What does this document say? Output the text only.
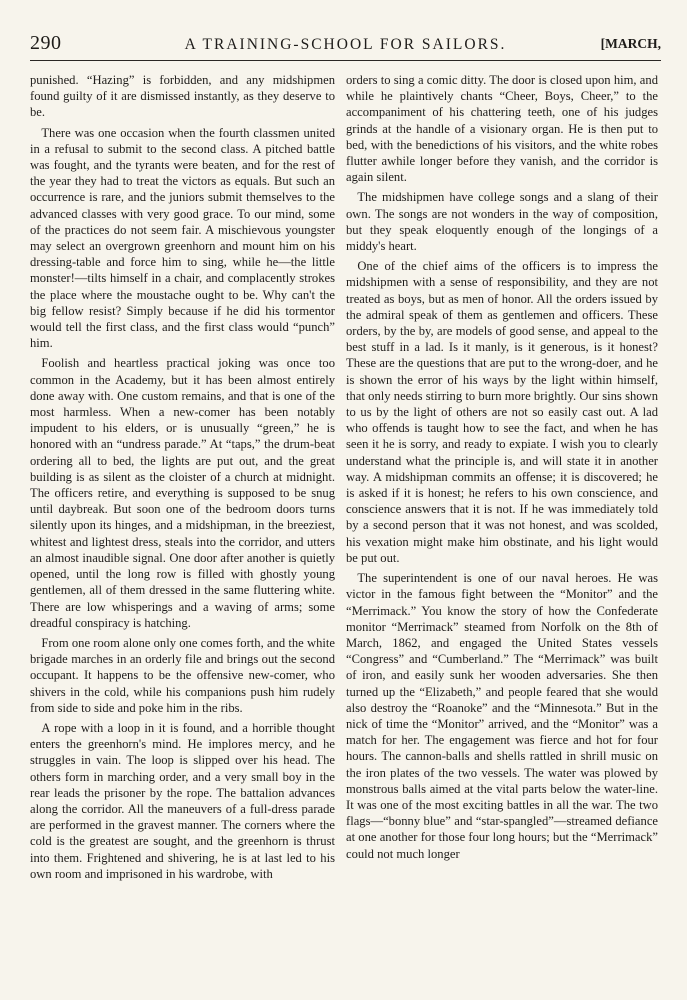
290	A TRAINING-SCHOOL FOR SAILORS.	[MARCH,

punished. “Hazing” is forbidden, and any midshipmen found guilty of it are dismissed instantly, as they deserve to be.

There was one occasion when the fourth classmen united in a refusal to submit to the second class. A pitched battle was fought, and the tyrants were beaten, and for the rest of the year they had to treat the victors as equals. But such an occurrence is rare, and the juniors submit themselves to the advanced classes with very good grace. To our mind, some of the practices do not seem fair. A mischievous youngster may select an overgrown greenhorn and mount him on his dressing-table and force him to sing, while he—the little monster!—tilts himself in a chair, and complacently strokes the place where the moustache ought to be. Why can't the big fellow resist? Simply because if he did his tormentor would tell the first class, and the first class would “punch” him.

Foolish and heartless practical joking was once too common in the Academy, but it has been almost entirely done away with. One custom remains, and that is one of the most harmless. When a new-comer has been notably impudent to his elders, or is unusually “green,” he is honored with an “undress parade.” At “taps,” the drum-beat ordering all to bed, the lights are put out, and the great building is as silent as the cloister of a church at midnight. The officers retire, and everything is supposed to be snug until daybreak. But soon one of the bedroom doors turns silently upon its hinges, and a midshipman, in the breeziest, whitest and lightest dress, steals into the corridor, and utters an almost inaudible signal. One door after another is quietly opened, until the long row is filled with ghostly young gentlemen, all of them dressed in the same fluttering white. There are low whisperings and a waving of arms; some dreadful conspiracy is hatching.

From one room alone only one comes forth, and the white brigade marches in an orderly file and brings out the second occupant. It happens to be the offensive new-comer, who shivers in the cold, while his companions push him rudely from side to side and poke him in the ribs.

A rope with a loop in it is found, and a horrible thought enters the greenhorn's mind. He implores mercy, and he struggles in vain. The loop is slipped over his head. The others form in marching order, and a very small boy in the rear leads the prisoner by the rope. The battalion advances along the corridor. All the maneuvers of a full-dress parade are performed in the gravest manner. The corners where the cold is the greatest are sought, and the greenhorn is thrust into them. Frightened and shivering, he is at last led to his own room and imprisoned in his wardrobe, with

orders to sing a comic ditty. The door is closed upon him, and while he plaintively chants “Cheer, Boys, Cheer,” to the accompaniment of his chattering teeth, one of his judges grinds at the handle of a visionary organ. He is then put to bed, with the benedictions of his visitors, and the white robes flutter awhile longer before they vanish, and the corridor is again silent.

The midshipmen have college songs and a slang of their own. The songs are not wonders in the way of composition, but they speak eloquently enough of the longings of a middy's heart.

One of the chief aims of the officers is to impress the midshipmen with a sense of responsibility, and they are not treated as boys, but as men of honor. All the orders issued by the admiral speak of them as gentlemen and officers. These orders, by the by, are models of good sense, and appeal to the best stuff in a lad. Is it manly, is it generous, is it honest? These are the questions that are put to the wrong-doer, and he is shown the error of his ways by the light within himself, that only needs stirring to burn more brightly. Our sins shown to us by the light of others are not so easily cast out. A lad who offends is taught how to see the fact, and when he has seen it he is sorry, and ready to expiate. I wish you to clearly understand what the principle is, and will state it in another way. A midshipman commits an offense; it is discovered; he is asked if it is honest; he refers to his own conscience, and conscience answers that it is not. If he was immediately told by a second person that it was not honest, and was scolded, his vexation might make him obstinate, and his light would be put out.

The superintendent is one of our naval heroes. He was victor in the famous fight between the “Monitor” and the “Merrimack.” You know the story of how the Confederate monitor “Merrimack” steamed from Norfolk on the 8th of March, 1862, and engaged the United States vessels “Congress” and “Cumberland.” The “Merrimack” was built of iron, and easily sunk her wooden adversaries. She then turned up the “Elizabeth,” and people feared that she would also destroy the “Roanoke” and the “Minnesota.” But in the nick of time the “Monitor” arrived, and the “Monitor” was a match for her. The engagement was fierce and hot for four hours. The cannon-balls and shells rattled in shrill music on the iron plates of the two vessels. The water was plowed by monstrous balls aimed at the vital parts below the water-line. It was one of the most exciting battles in all the war. The two flags—“bonny blue” and “star-spangled”—streamed defiance at one another for those four long hours; but the “Merrimack” could not much longer
